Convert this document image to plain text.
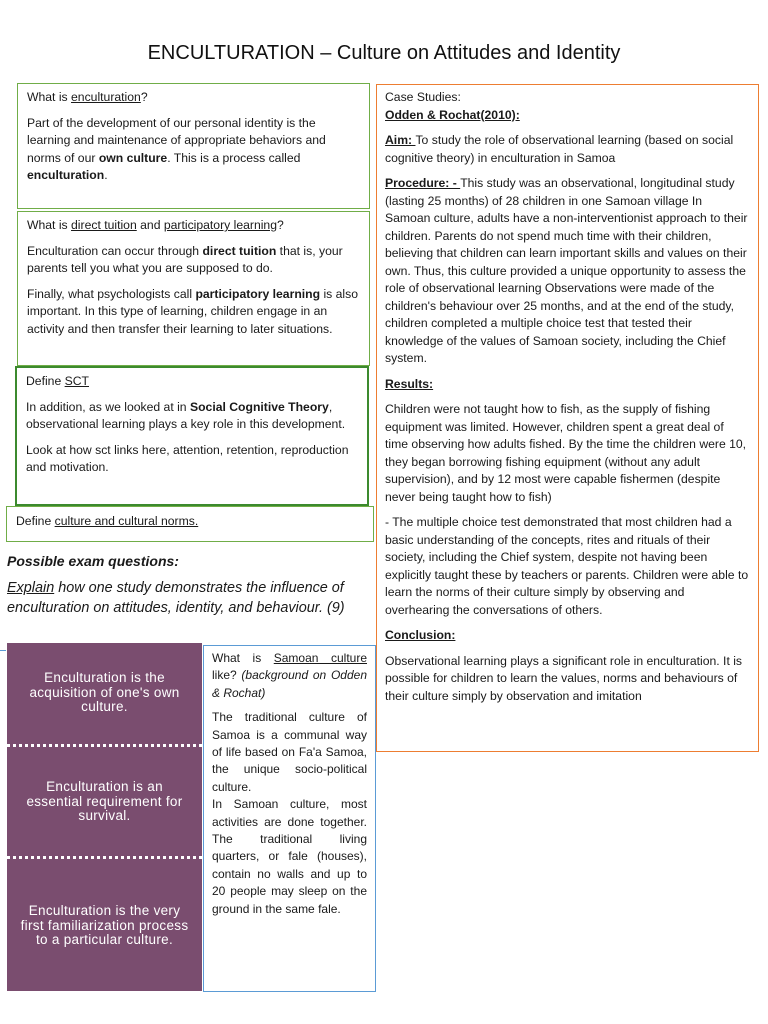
ENCULTURATION – Culture on Attitudes and Identity

What is enculturation?

Part of the development of our personal identity is the learning and maintenance of appropriate behaviors and norms of our own culture. This is a process called enculturation.

What is direct tuition and participatory learning?

Enculturation can occur through direct tuition that is, your parents tell you what you are supposed to do.

Finally, what psychologists call participatory learning is also important. In this type of learning, children engage in an activity and then transfer their learning to later situations.

Define SCT

In addition, as we looked at in Social Cognitive Theory, observational learning plays a key role in this development.

Look at how sct links here, attention, retention, reproduction and motivation.

Define culture and cultural norms.
Possible exam questions:
Explain how one study demonstrates the influence of enculturation on attitudes, identity, and behaviour. (9)
Enculturation is the acquisition of one's own culture.
Enculturation is an essential requirement for survival.
Enculturation is the very first familiarization process to a particular culture.
What is Samoan culture like? (background on Odden & Rochat)
The traditional culture of Samoa is a communal way of life based on Fa'a Samoa, the unique socio-political culture.
In Samoan culture, most activities are done together. The traditional living quarters, or fale (houses), contain no walls and up to 20 people may sleep on the ground in the same fale.
Case Studies:

Odden & Rochat(2010):

Aim: To study the role of observational learning (based on social cognitive theory) in enculturation in Samoa

Procedure: - This study was an observational, longitudinal study (lasting 25 months) of 28 children in one Samoan village In Samoan culture, adults have a non-interventionist approach to their children. Parents do not spend much time with their children, believing that children can learn important skills and values on their own. Thus, this culture provided a unique opportunity to assess the role of observational learning Observations were made of the children's behaviour over 25 months, and at the end of the study, children completed a multiple choice test that tested their knowledge of the values of Samoan society, including the Chief system.

Results:

Children were not taught how to fish, as the supply of fishing equipment was limited. However, children spent a great deal of time observing how adults fished. By the time the children were 10, they began borrowing fishing equipment (without any adult supervision), and by 12 most were capable fishermen (despite never being taught how to fish)

- The multiple choice test demonstrated that most children had a basic understanding of the concepts, rites and rituals of their society, including the Chief system, despite not having been explicitly taught these by teachers or parents. Children were able to learn the norms of their culture simply by observing and overhearing the conversations of others.

Conclusion:

Observational learning plays a significant role in enculturation. It is possible for children to learn the values, norms and behaviours of their culture simply by observation and imitation
